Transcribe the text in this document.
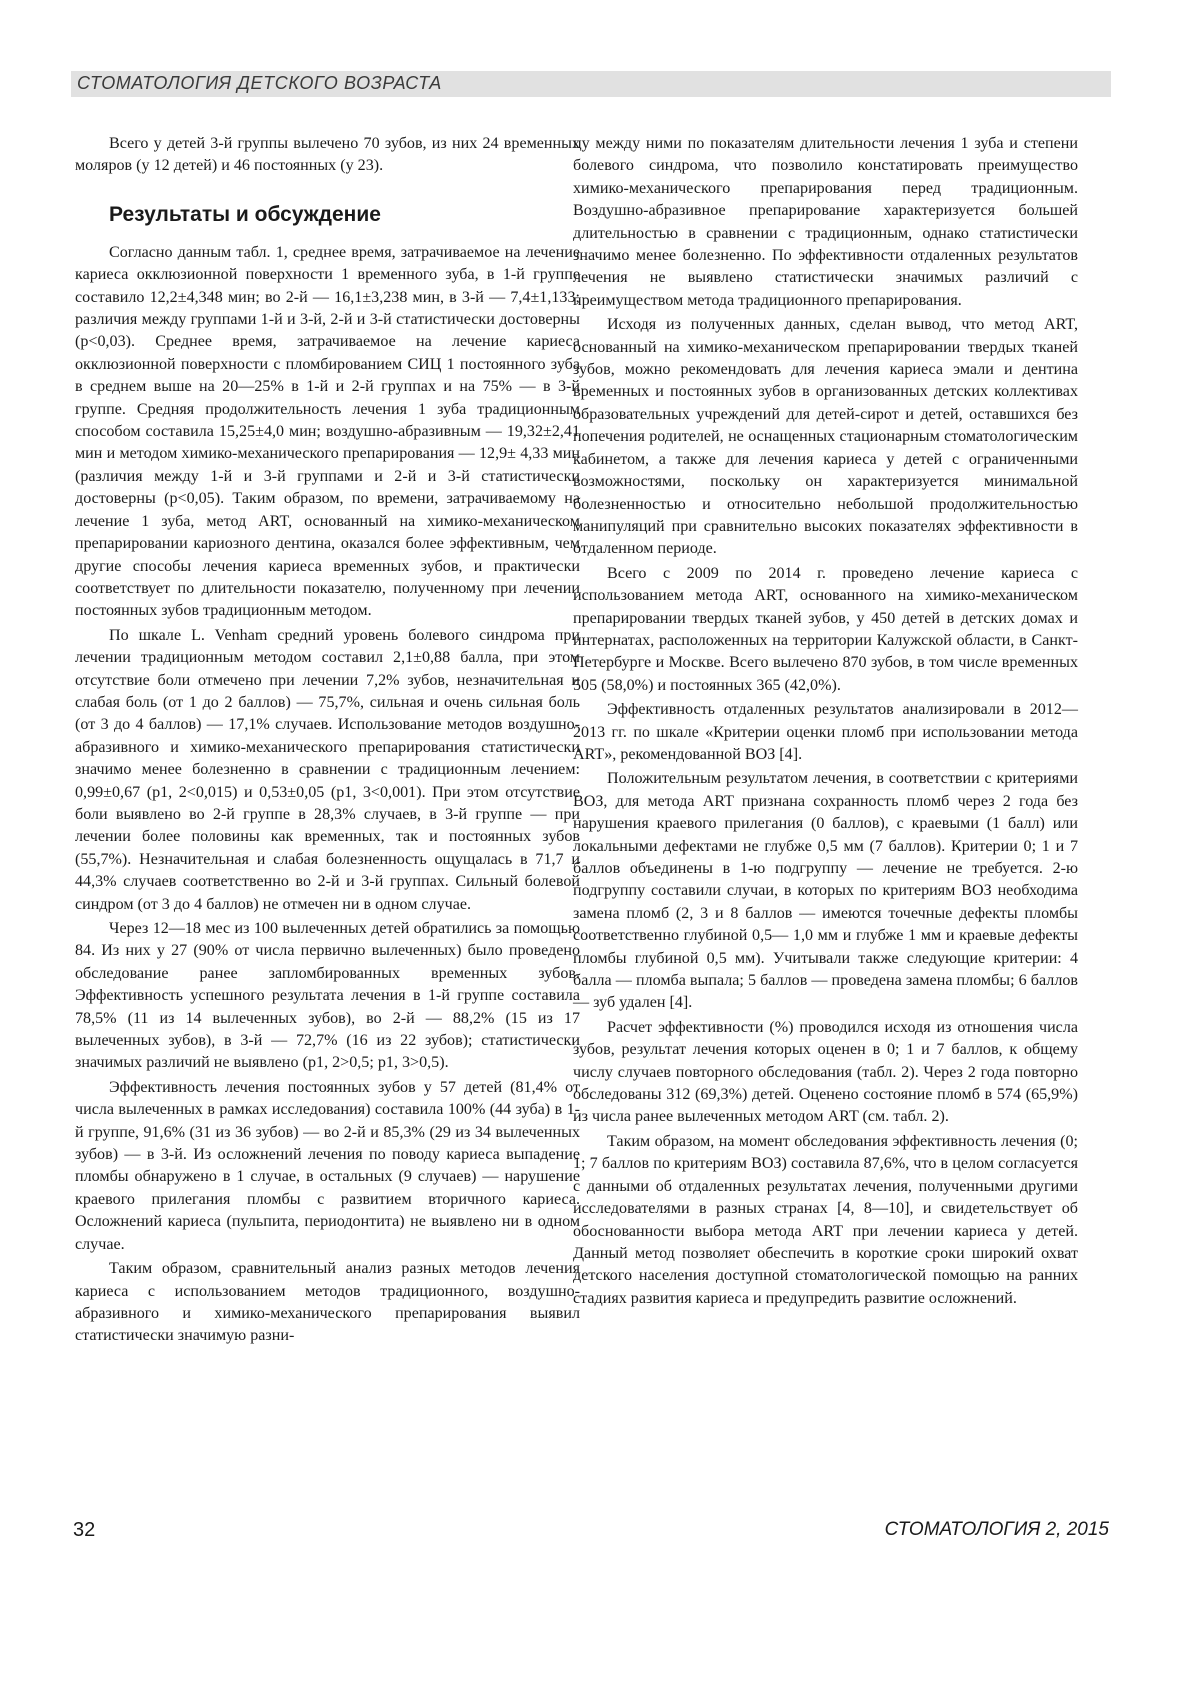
СТОМАТОЛОГИЯ ДЕТСКОГО ВОЗРАСТА

Всего у детей 3-й группы вылечено 70 зубов, из них 24 временных моляров (у 12 детей) и 46 постоянных (у 23).

Результаты и обсуждение

Согласно данным табл. 1, среднее время, затрачиваемое на лечение кариеса окклюзионной поверхности 1 временного зуба, в 1-й группе составило 12,2±4,348 мин; во 2-й — 16,1±3,238 мин, в 3-й — 7,4±1,133; различия между группами 1-й и 3-й, 2-й и 3-й статистически достоверны (p<0,03). Среднее время, затрачиваемое на лечение кариеса окклюзионной поверхности с пломбированием СИЦ 1 постоянного зуба в среднем выше на 20—25% в 1-й и 2-й группах и на 75% — в 3-й группе. Средняя продолжительность лечения 1 зуба традиционным способом составила 15,25±4,0 мин; воздушно-абразивным — 19,32±2,41 мин и методом химико-механического препарирования — 12,9± 4,33 мин (различия между 1-й и 3-й группами и 2-й и 3-й статистически достоверны (p<0,05). Таким образом, по времени, затрачиваемому на лечение 1 зуба, метод ART, основанный на химико-механическом препарировании кариозного дентина, оказался более эффективным, чем другие способы лечения кариеса временных зубов, и практически соответствует по длительности показателю, полученному при лечении постоянных зубов традиционным методом.

По шкале L. Venham средний уровень болевого синдрома при лечении традиционным методом составил 2,1±0,88 балла, при этом отсутствие боли отмечено при лечении 7,2% зубов, незначительная и слабая боль (от 1 до 2 баллов) — 75,7%, сильная и очень сильная боль (от 3 до 4 баллов) — 17,1% случаев. Использование методов воздушно-абразивного и химико-механического препарирования статистически значимо менее болезненно в сравнении с традиционным лечением: 0,99±0,67 (p1, 2<0,015) и 0,53±0,05 (p1, 3<0,001). При этом отсутствие боли выявлено во 2-й группе в 28,3% случаев, в 3-й группе — при лечении более половины как временных, так и постоянных зубов (55,7%). Незначительная и слабая болезненность ощущалась в 71,7 и 44,3% случаев соответственно во 2-й и 3-й группах. Сильный болевой синдром (от 3 до 4 баллов) не отмечен ни в одном случае.

Через 12—18 мес из 100 вылеченных детей обратились за помощью 84. Из них у 27 (90% от числа первично вылеченных) было проведено обследование ранее запломбированных временных зубов. Эффективность успешного результата лечения в 1-й группе составила 78,5% (11 из 14 вылеченных зубов), во 2-й — 88,2% (15 из 17 вылеченных зубов), в 3-й — 72,7% (16 из 22 зубов); статистически значимых различий не выявлено (p1, 2>0,5; p1, 3>0,5).

Эффективность лечения постоянных зубов у 57 детей (81,4% от числа вылеченных в рамках исследования) составила 100% (44 зуба) в 1-й группе, 91,6% (31 из 36 зубов) — во 2-й и 85,3% (29 из 34 вылеченных зубов) — в 3-й. Из осложнений лечения по поводу кариеса выпадение пломбы обнаружено в 1 случае, в остальных (9 случаев) — нарушение краевого прилегания пломбы с развитием вторичного кариеса. Осложнений кариеса (пульпита, периодонтита) не выявлено ни в одном случае.

Таким образом, сравнительный анализ разных методов лечения кариеса с использованием методов традиционного, воздушно-абразивного и химико-механического препарирования выявил статистически значимую разни-

цу между ними по показателям длительности лечения 1 зуба и степени болевого синдрома, что позволило констатировать преимущество химико-механического препарирования перед традиционным. Воздушно-абразивное препарирование характеризуется большей длительностью в сравнении с традиционным, однако статистически значимо менее болезненно. По эффективности отдаленных результатов лечения не выявлено статистически значимых различий с преимуществом метода традиционного препарирования.

Исходя из полученных данных, сделан вывод, что метод ART, основанный на химико-механическом препарировании твердых тканей зубов, можно рекомендовать для лечения кариеса эмали и дентина временных и постоянных зубов в организованных детских коллективах образовательных учреждений для детей-сирот и детей, оставшихся без попечения родителей, не оснащенных стационарным стоматологическим кабинетом, а также для лечения кариеса у детей с ограниченными возможностями, поскольку он характеризуется минимальной болезненностью и относительно небольшой продолжительностью манипуляций при сравнительно высоких показателях эффективности в отдаленном периоде.

Всего с 2009 по 2014 г. проведено лечение кариеса с использованием метода ART, основанного на химико-механическом препарировании твердых тканей зубов, у 450 детей в детских домах и интернатах, расположенных на территории Калужской области, в Санкт-Петербурге и Москве. Всего вылечено 870 зубов, в том числе временных 505 (58,0%) и постоянных 365 (42,0%).

Эффективность отдаленных результатов анализировали в 2012—2013 гг. по шкале «Критерии оценки пломб при использовании метода ART», рекомендованной ВОЗ [4].

Положительным результатом лечения, в соответствии с критериями ВОЗ, для метода ART признана сохранность пломб через 2 года без нарушения краевого прилегания (0 баллов), с краевыми (1 балл) или локальными дефектами не глубже 0,5 мм (7 баллов). Критерии 0; 1 и 7 баллов объединены в 1-ю подгруппу — лечение не требуется. 2-ю подгруппу составили случаи, в которых по критериям ВОЗ необходима замена пломб (2, 3 и 8 баллов — имеются точечные дефекты пломбы соответственно глубиной 0,5— 1,0 мм и глубже 1 мм и краевые дефекты пломбы глубиной 0,5 мм). Учитывали также следующие критерии: 4 балла — пломба выпала; 5 баллов — проведена замена пломбы; 6 баллов — зуб удален [4].

Расчет эффективности (%) проводился исходя из отношения числа зубов, результат лечения которых оценен в 0; 1 и 7 баллов, к общему числу случаев повторного обследования (табл. 2). Через 2 года повторно обследованы 312 (69,3%) детей. Оценено состояние пломб в 574 (65,9%) из числа ранее вылеченных методом ART (см. табл. 2).

Таким образом, на момент обследования эффективность лечения (0; 1; 7 баллов по критериям ВОЗ) составила 87,6%, что в целом согласуется с данными об отдаленных результатах лечения, полученными другими исследователями в разных странах [4, 8—10], и свидетельствует об обоснованности выбора метода ART при лечении кариеса у детей. Данный метод позволяет обеспечить в короткие сроки широкий охват детского населения доступной стоматологической помощью на ранних стадиях развития кариеса и предупредить развитие осложнений.

32	СТОМАТОЛОГИЯ 2, 2015
